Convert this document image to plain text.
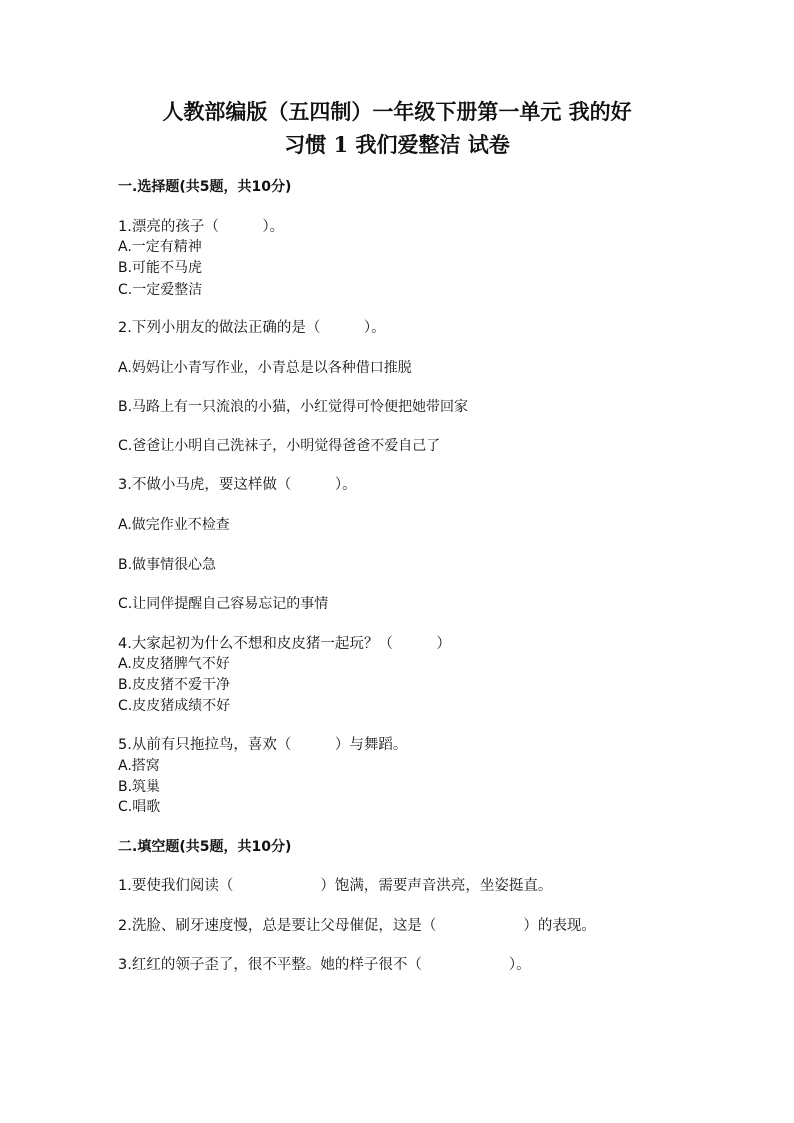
人教部编版（五四制）一年级下册第一单元 我的好
习惯 1 我们爱整洁 试卷
一.选择题(共5题，共10分)
1.漂亮的孩子（　　　）。
A.一定有精神
B.可能不马虎
C.一定爱整洁
2.下列小朋友的做法正确的是（　　　）。
A.妈妈让小青写作业，小青总是以各种借口推脱
B.马路上有一只流浪的小猫，小红觉得可怜便把她带回家
C.爸爸让小明自己洗袜子，小明觉得爸爸不爱自己了
3.不做小马虎，要这样做（　　　）。
A.做完作业不检查
B.做事情很心急
C.让同伴提醒自己容易忘记的事情
4.大家起初为什么不想和皮皮猪一起玩？（　　　）
A.皮皮猪脾气不好
B.皮皮猪不爱干净
C.皮皮猪成绩不好
5.从前有只拖拉鸟，喜欢（　　　）与舞蹈。
A.搭窝
B.筑巢
C.唱歌
二.填空题(共5题，共10分)
1.要使我们阅读（　　　　　　）饱满，需要声音洪亮，坐姿挺直。
2.洗脸、刷牙速度慢，总是要让父母催促，这是（　　　　　　）的表现。
3.红红的领子歪了，很不平整。她的样子很不（　　　　　　）。
